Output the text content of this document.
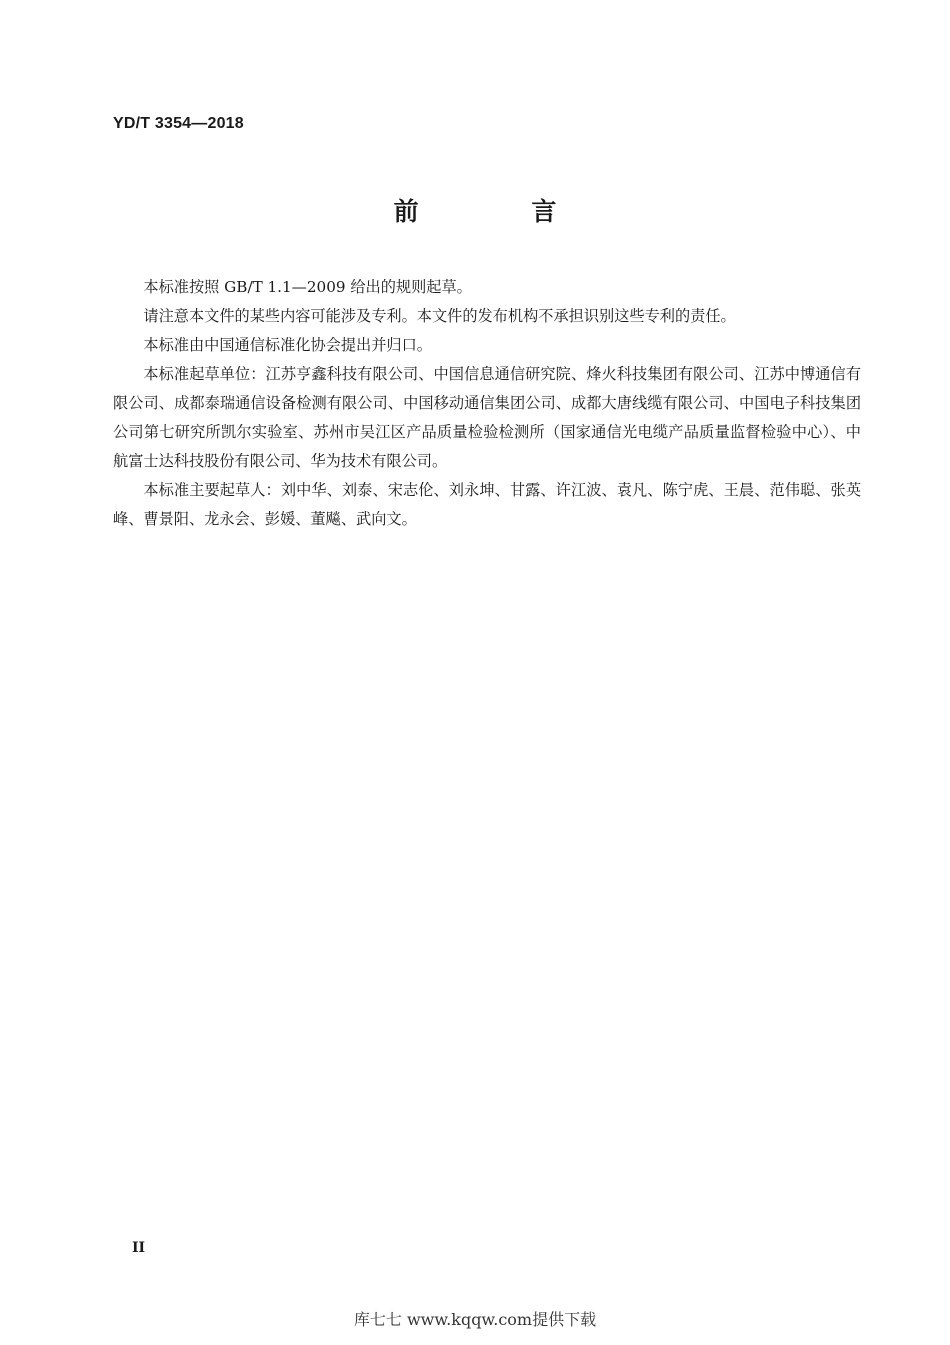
YD/T 3354—2018
前 言

本标准按照 GB/T 1.1—2009 给出的规则起草。

请注意本文件的某些内容可能涉及专利。本文件的发布机构不承担识别这些专利的责任。

本标准由中国通信标准化协会提出并归口。

本标准起草单位：江苏亨鑫科技有限公司、中国信息通信研究院、烽火科技集团有限公司、江苏中博通信有限公司、成都泰瑞通信设备检测有限公司、中国移动通信集团公司、成都大唐线缆有限公司、中国电子科技集团公司第七研究所凯尔实验室、苏州市吴江区产品质量检验检测所（国家通信光电缆产品质量监督检验中心）、中航富士达科技股份有限公司、华为技术有限公司。

本标准主要起草人：刘中华、刘泰、宋志伦、刘永坤、甘露、许江波、袁凡、陈宁虎、王晨、范伟聪、张英峰、曹景阳、龙永会、彭媛、董飚、武向文。

II
库七七 www.kqqw.com提供下载
